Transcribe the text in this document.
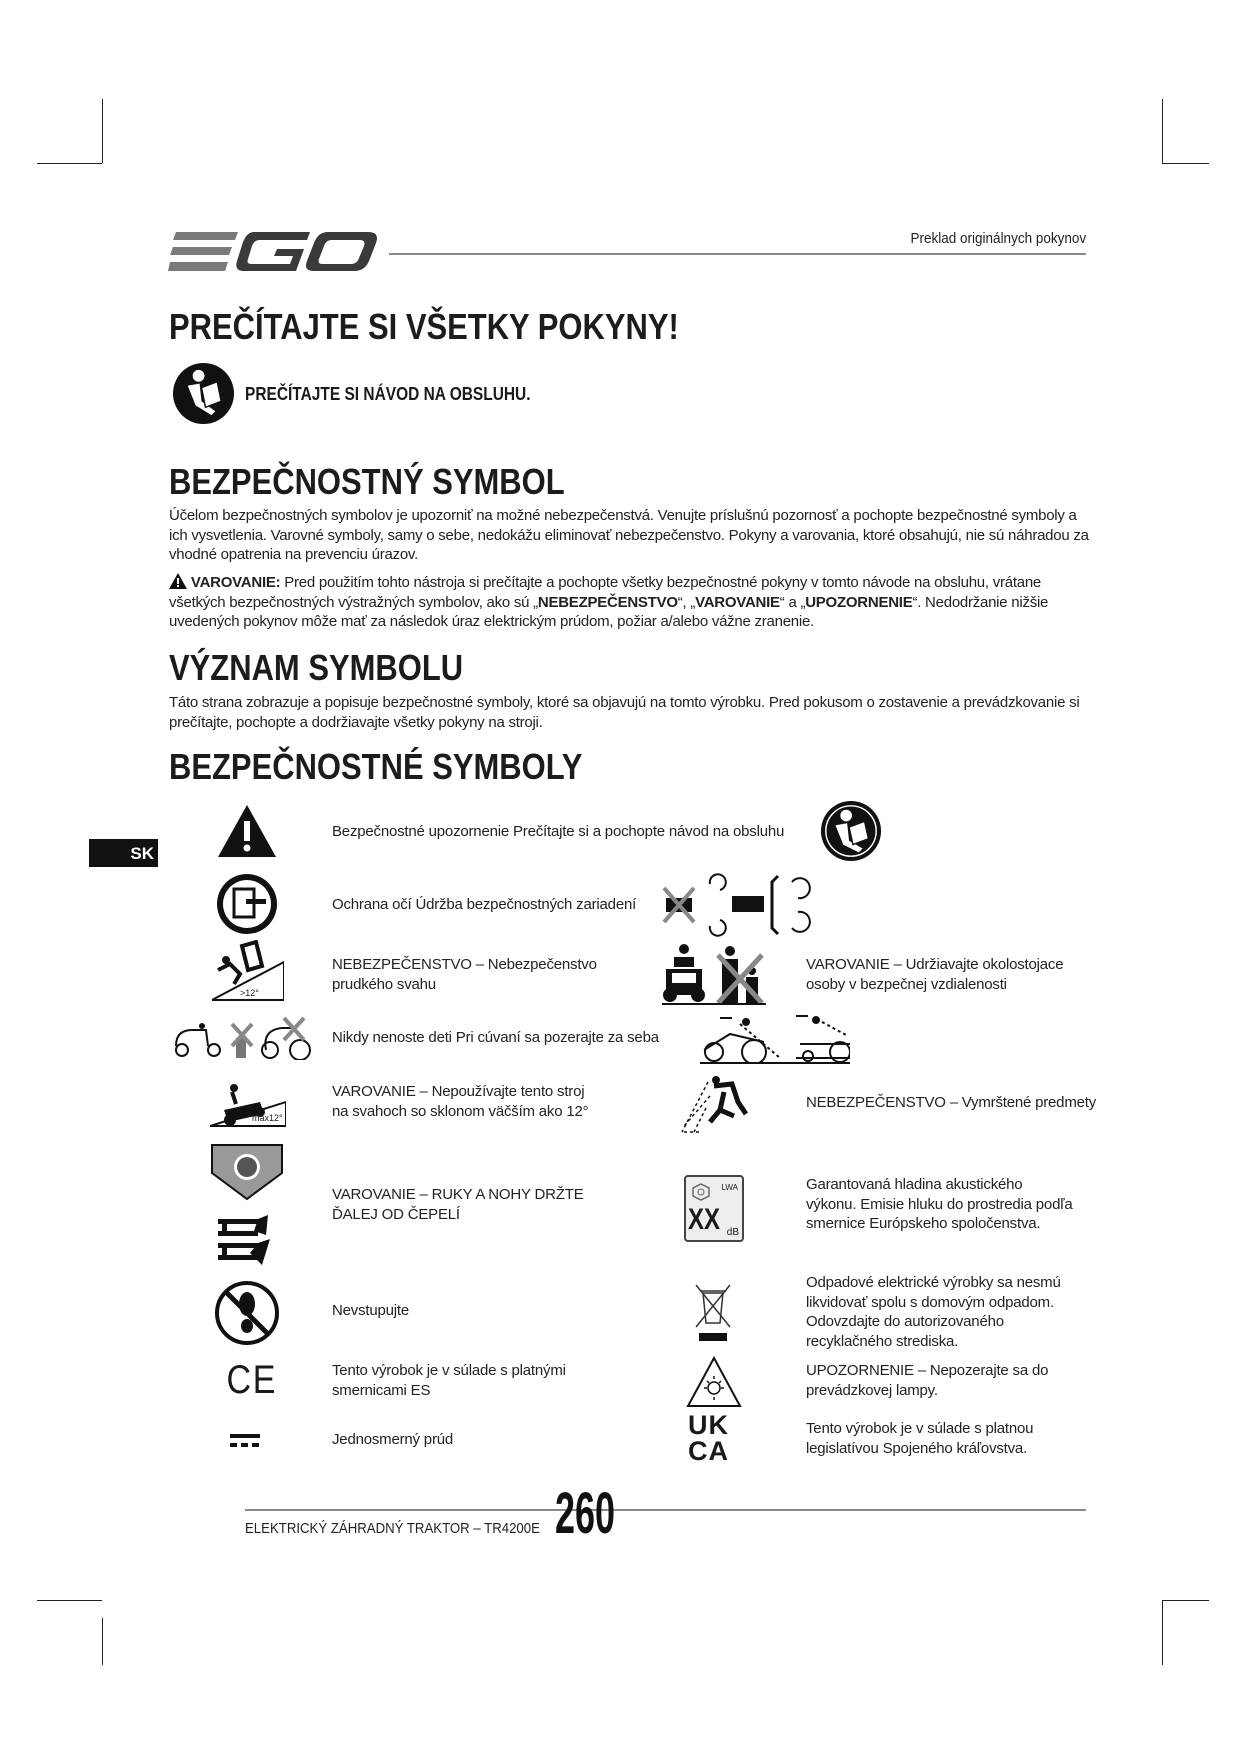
Preklad originálnych pokynov
SK
PREČÍTAJTE SI VŠETKY POKYNY!
PREČÍTAJTE SI NÁVOD NA OBSLUHU.
BEZPEČNOSTNÝ SYMBOL
Účelom bezpečnostných symbolov je upozorniť na možné nebezpečenstvá. Venujte príslušnú pozornosť a pochopte bezpečnostné symboly a ich vysvetlenia. Varovné symboly, samy o sebe, nedokážu eliminovať nebezpečenstvo. Pokyny a varovania, ktoré obsahujú, nie sú náhradou za vhodné opatrenia na prevenciu úrazov.
VAROVANIE: Pred použitím tohto nástroja si prečítajte a pochopte všetky bezpečnostné pokyny v tomto návode na obsluhu, vrátane všetkých bezpečnostných výstražných symbolov, ako sú „NEBEZPEČENSTVO“, „VAROVANIE“ a „UPOZORNENIE“. Nedodržanie nižšie uvedených pokynov môže mať za následok úraz elektrickým prúdom, požiar a/alebo vážne zranenie.
VÝZNAM SYMBOLU
Táto strana zobrazuje a popisuje bezpečnostné symboly, ktoré sa objavujú na tomto výrobku. Pred pokusom o zostavenie a prevádzkovanie si prečítajte, pochopte a dodržiavajte všetky pokyny na stroji.
BEZPEČNOSTNÉ SYMBOLY
Bezpečnostné upozornenie Prečítajte si a pochopte návod na obsluhu
Ochrana očí Údržba bezpečnostných zariadení
>12°
NEBEZPEČENSTVO – Nebezpečenstvo prudkého svahu
Nikdy nenoste deti Pri cúvaní sa pozerajte za seba
max12°
VAROVANIE – Nepoužívajte tento stroj na svahoch so sklonom väčším ako 12°
VAROVANIE – RUKY A NOHY DRŽTE ĎALEJ OD ČEPELÍ
Nevstupujte
CE	Tento výrobok je v súlade s platnými smernicami ES
Jednosmerný prúd
VAROVANIE – Udržiavajte okolostojace osoby v bezpečnej vzdialenosti
NEBEZPEČENSTVO – Vymrštené predmety
LWA
XX dB
Garantovaná hladina akustického výkonu. Emisie hluku do prostredia podľa smernice Európskeho spoločenstva.
Odpadové elektrické výrobky sa nesmú likvidovať spolu s domovým odpadom. Odovzdajte do autorizovaného recyklačného strediska.
UPOZORNENIE – Nepozerajte sa do prevádzkovej lampy.
UK
CA
Tento výrobok je v súlade s platnou legislatívou Spojeného kráľovstva.
ELEKTRICKÝ ZÁHRADNÝ TRAKTOR – TR4200E 260
